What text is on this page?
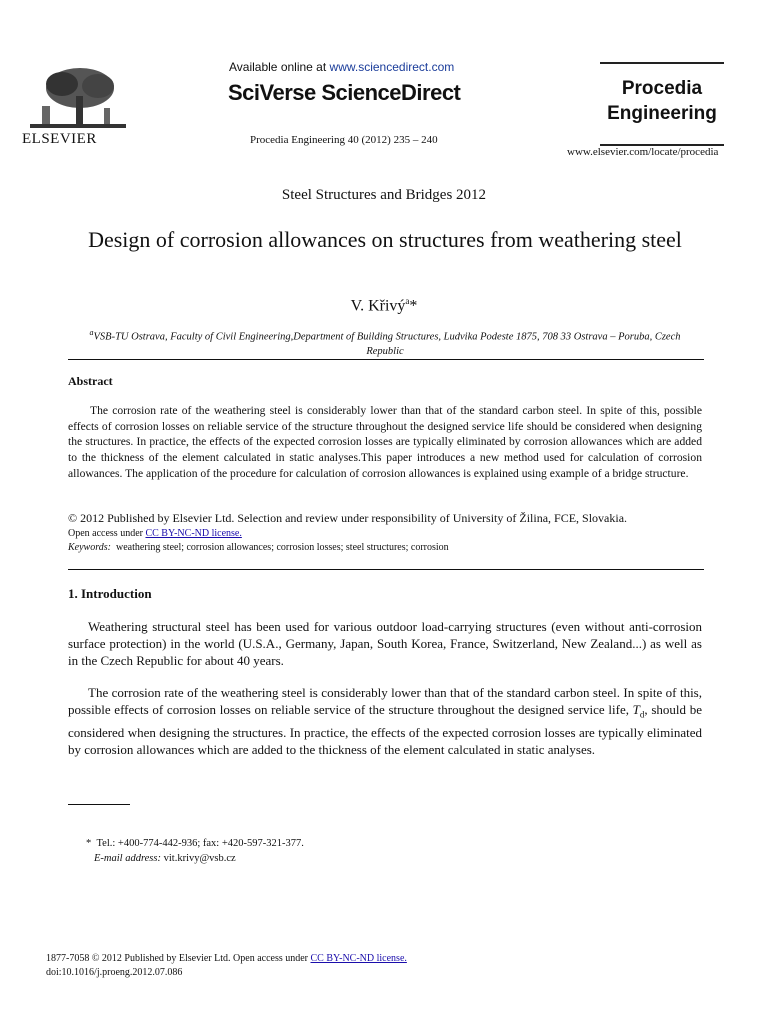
ELSEVIER
Available online at www.sciencedirect.com
SciVerse ScienceDirect
Procedia Engineering 40 (2012) 235 – 240
Procedia
Engineering
www.elsevier.com/locate/procedia
Steel Structures and Bridges 2012
Design of corrosion allowances on structures from weathering steel
V. Křivý$^a$*
$^a$VSB-TU Ostrava, Faculty of Civil Engineering,Department of Building Structures, Ludvika Podeste 1875, 708 33 Ostrava – Poruba, Czech Republic
Abstract
The corrosion rate of the weathering steel is considerably lower than that of the standard carbon steel. In spite of this, possible effects of corrosion losses on reliable service of the structure throughout the designed service life should be considered when designing the structures. In practice, the effects of the expected corrosion losses are typically eliminated by corrosion allowances which are added to the thickness of the element calculated in static analyses.This paper introduces a new method used for calculation of corrosion allowances. The application of the procedure for calculation of corrosion allowances is explained using example of a bridge structure.
© 2012 Published by Elsevier Ltd. Selection and review under responsibility of University of Žilina, FCE, Slovakia.
Open access under CC BY-NC-ND license.
Keywords: weathering steel; corrosion allowances; corrosion losses; steel structures; corrosion
1. Introduction
Weathering structural steel has been used for various outdoor load-carrying structures (even without anti-corrosion surface protection) in the world (U.S.A., Germany, Japan, South Korea, France, Switzerland, New Zealand...) as well as in the Czech Republic for about 40 years.
The corrosion rate of the weathering steel is considerably lower than that of the standard carbon steel. In spite of this, possible effects of corrosion losses on reliable service of the structure throughout the designed service life, $T_d$, should be considered when designing the structures. In practice, the effects of the expected corrosion losses are typically eliminated by corrosion allowances which are added to the thickness of the element calculated in static analyses.
* Tel.: +400-774-442-936; fax: +420-597-321-377.
E-mail address: vit.krivy@vsb.cz
1877-7058 © 2012 Published by Elsevier Ltd. Open access under CC BY-NC-ND license.
doi:10.1016/j.proeng.2012.07.086
